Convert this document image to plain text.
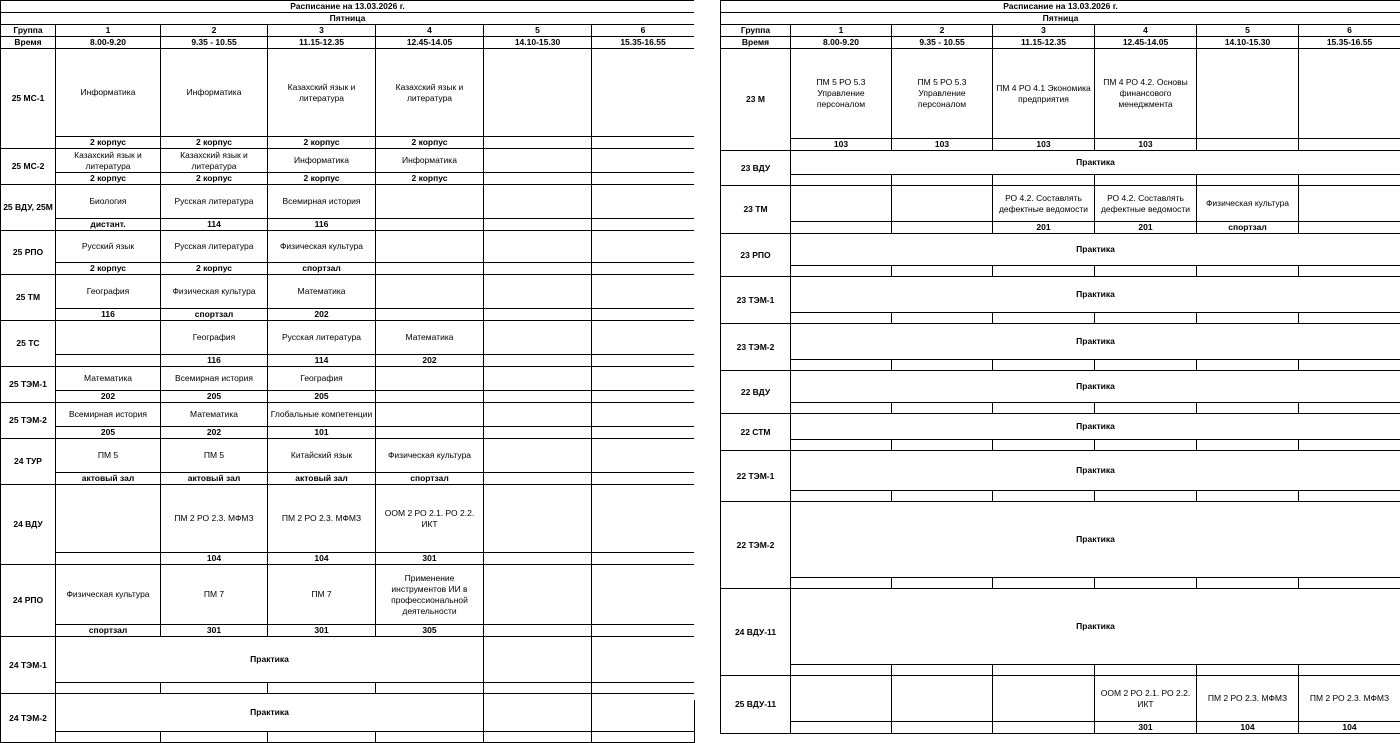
Расписание на 13.03.2026 г.						
Пятница						
Группа	1	2	3	4	5	6
Время	8.00-9.20	9.35 - 10.55	11.15-12.35	12.45-14.05	14.10-15.30	15.35-16.55
25 МС-1	Информатика	Информатика	Казахский язык и литература	Казахский язык и литература		
	2 корпус	2 корпус	2 корпус	2 корпус		
25 МС-2	Казахский язык и литература	Казахский язык и литература	Информатика	Информатика		
	2 корпус	2 корпус	2 корпус	2 корпус		
25 ВДУ, 25М	Биология	Русская литература	Всемирная история			
	дистант.	114	116			
25 РПО	Русский язык	Русская литература	Физическая культура			
	2 корпус	2 корпус	спортзал			
25 ТМ	География	Физическая культура	Математика			
	116	спортзал	202			
25 ТС		География	Русская литература	Математика		
		116	114	202		
25 ТЭМ-1	Математика	Всемирная история	География			
	202	205	205			
25 ТЭМ-2	Всемирная история	Математика	Глобальные компетенции			
	205	202	101			
24 ТУР	ПМ 5	ПМ 5	Китайский язык	Физическая культура		
	актовый зал	актовый зал	актовый зал	спортзал		
24 ВДУ		ПМ 2 РО 2.3. МФМЗ	ПМ 2 РО 2.3. МФМЗ	ООМ 2 РО 2.1. РО 2.2. ИКТ		
		104	104	301		
24 РПО	Физическая культура	ПМ 7	ПМ 7	Применение инструментов ИИ в профессиональной деятельности		
	спортзал	301	301	305		
24 ТЭМ-1	Практика					

24 ТЭМ-2	Практика					

Расписание на 13.03.2026 г.						
Пятница						
Группа	1	2	3	4	5	6
Время	8.00-9.20	9.35 - 10.55	11.15-12.35	12.45-14.05	14.10-15.30	15.35-16.55
23 М	ПМ 5 РО 5.3 Управление персоналом	ПМ 5 РО 5.3 Управление персоналом	ПМ 4 РО 4.1 Экономика предприятия	ПМ 4 РО 4.2. Основы финансового менеджмента		
	103	103	103	103		
23 ВДУ	Практика					

23 ТМ			РО 4.2. Составлять дефектные ведомости	РО 4.2. Составлять дефектные ведомости	Физическая культура	
			201	201	спортзал	
23 РПО	Практика					

23 ТЭМ-1	Практика					

23 ТЭМ-2	Практика					

22 ВДУ	Практика					

22 СТМ	Практика					

22 ТЭМ-1	Практика					

22 ТЭМ-2	Практика					

24 ВДУ-11	Практика					

25 ВДУ-11				ООМ 2 РО 2.1. РО 2.2. ИКТ	ПМ 2 РО 2.3. МФМЗ	ПМ 2 РО 2.3. МФМЗ
				301	104	104
